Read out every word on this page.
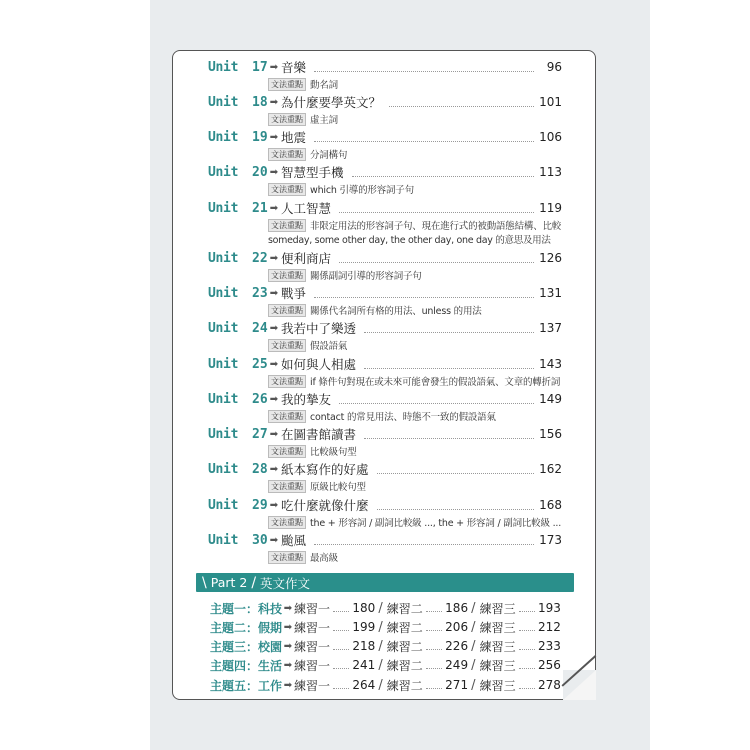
Unit	17 ➡ 音樂	96
文法重點 動名詞
Unit	18 ➡ 為什麼要學英文？	101
文法重點 虛主詞
Unit	19 ➡ 地震	106
文法重點 分詞構句
Unit	20 ➡ 智慧型手機	113
文法重點 which 引導的形容詞子句
Unit	21 ➡ 人工智慧	119
文法重點 非限定用法的形容詞子句、現在進行式的被動語態結構、比較
someday, some other day, the other day, one day 的意思及用法
Unit	22 ➡ 便利商店	126
文法重點 關係副詞引導的形容詞子句
Unit	23 ➡ 戰爭	131
文法重點 關係代名詞所有格的用法、unless 的用法
Unit	24 ➡ 我若中了樂透	137
文法重點 假設語氣
Unit	25 ➡ 如何與人相處	143
文法重點 if 條件句對現在或未來可能會發生的假設語氣、文章的轉折詞
Unit	26 ➡ 我的摯友	149
文法重點 contact 的常見用法、時態不一致的假設語氣
Unit	27 ➡ 在圖書館讀書	156
文法重點 比較級句型
Unit	28 ➡ 紙本寫作的好處	162
文法重點 原級比較句型
Unit	29 ➡ 吃什麼就像什麼	168
文法重點 the + 形容詞 / 副詞比較級 ..., the + 形容詞 / 副詞比較級 ...
Unit	30 ➡ 颱風	173
文法重點 最高級
\ Part 2 / 英文作文
主題一：科技 ➡ 練習一 180 / 練習二 186 / 練習三 193
主題二：假期 ➡ 練習一 199 / 練習二 206 / 練習三 212
主題三：校園 ➡ 練習一 218 / 練習二 226 / 練習三 233
主題四：生活 ➡ 練習一 241 / 練習二 249 / 練習三 256
主題五：工作 ➡ 練習一 264 / 練習二 271 / 練習三 278
